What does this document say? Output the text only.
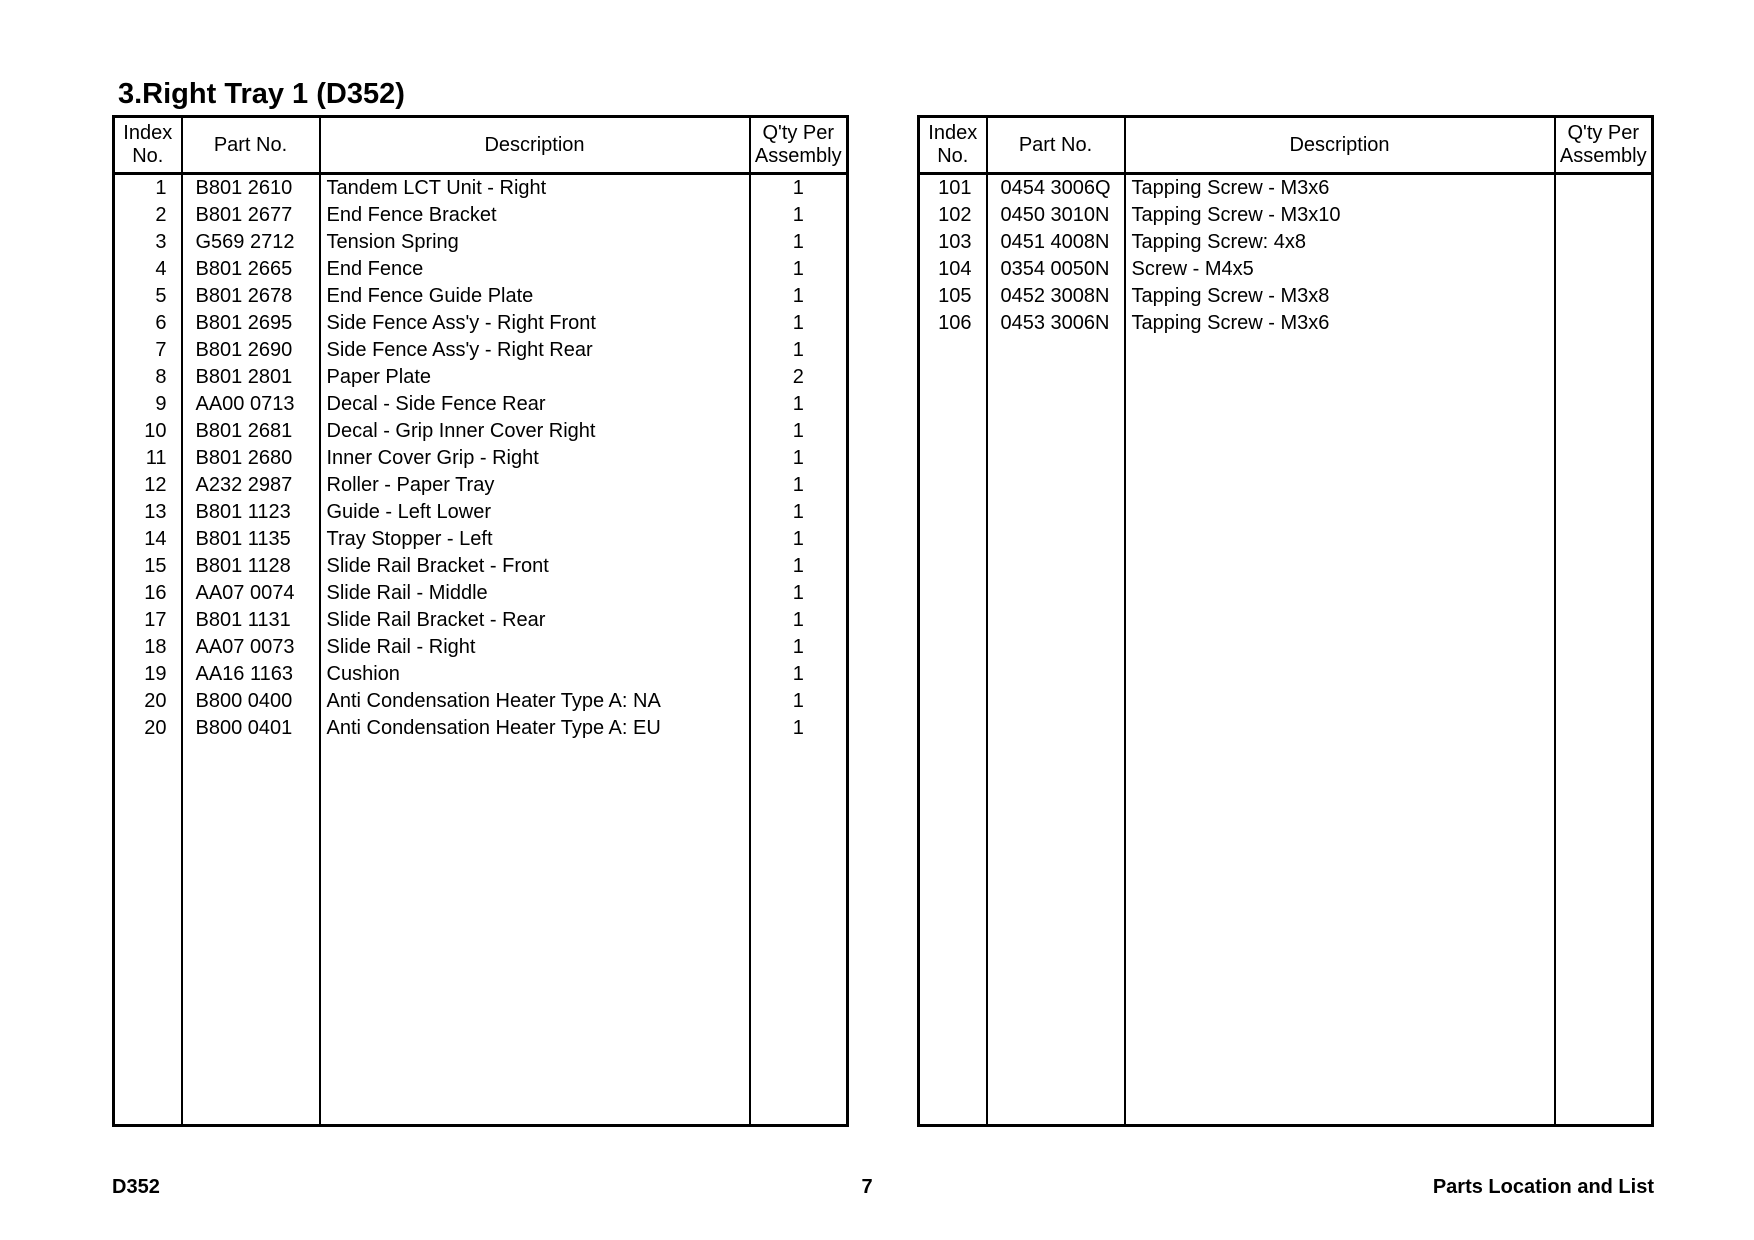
3.Right Tray 1 (D352)
Index No.	Part No.	Description	Q'ty Per Assembly
1	B801 2610	Tandem LCT Unit - Right	1
2	B801 2677	End Fence Bracket	1
3	G569 2712	Tension Spring	1
4	B801 2665	End Fence	1
5	B801 2678	End Fence Guide Plate	1
6	B801 2695	Side Fence Ass'y - Right Front	1
7	B801 2690	Side Fence Ass'y - Right Rear	1
8	B801 2801	Paper Plate	2
9	AA00 0713	Decal - Side Fence Rear	1
10	B801 2681	Decal - Grip Inner Cover Right	1
11	B801 2680	Inner Cover Grip - Right	1
12	A232 2987	Roller - Paper Tray	1
13	B801 1123	Guide - Left Lower	1
14	B801 1135	Tray Stopper - Left	1
15	B801 1128	Slide Rail Bracket - Front	1
16	AA07 0074	Slide Rail - Middle	1
17	B801 1131	Slide Rail Bracket - Rear	1
18	AA07 0073	Slide Rail - Right	1
19	AA16 1163	Cushion	1
20	B800 0400	Anti Condensation Heater Type A: NA	1
20	B800 0401	Anti Condensation Heater Type A: EU	1

Index No.	Part No.	Description	Q'ty Per Assembly
101	0454 3006Q	Tapping Screw - M3x6	
102	0450 3010N	Tapping Screw - M3x10	
103	0451 4008N	Tapping Screw: 4x8	
104	0354 0050N	Screw - M4x5	
105	0452 3008N	Tapping Screw - M3x8	
106	0453 3006N	Tapping Screw - M3x6	

D352	7	Parts Location and List
